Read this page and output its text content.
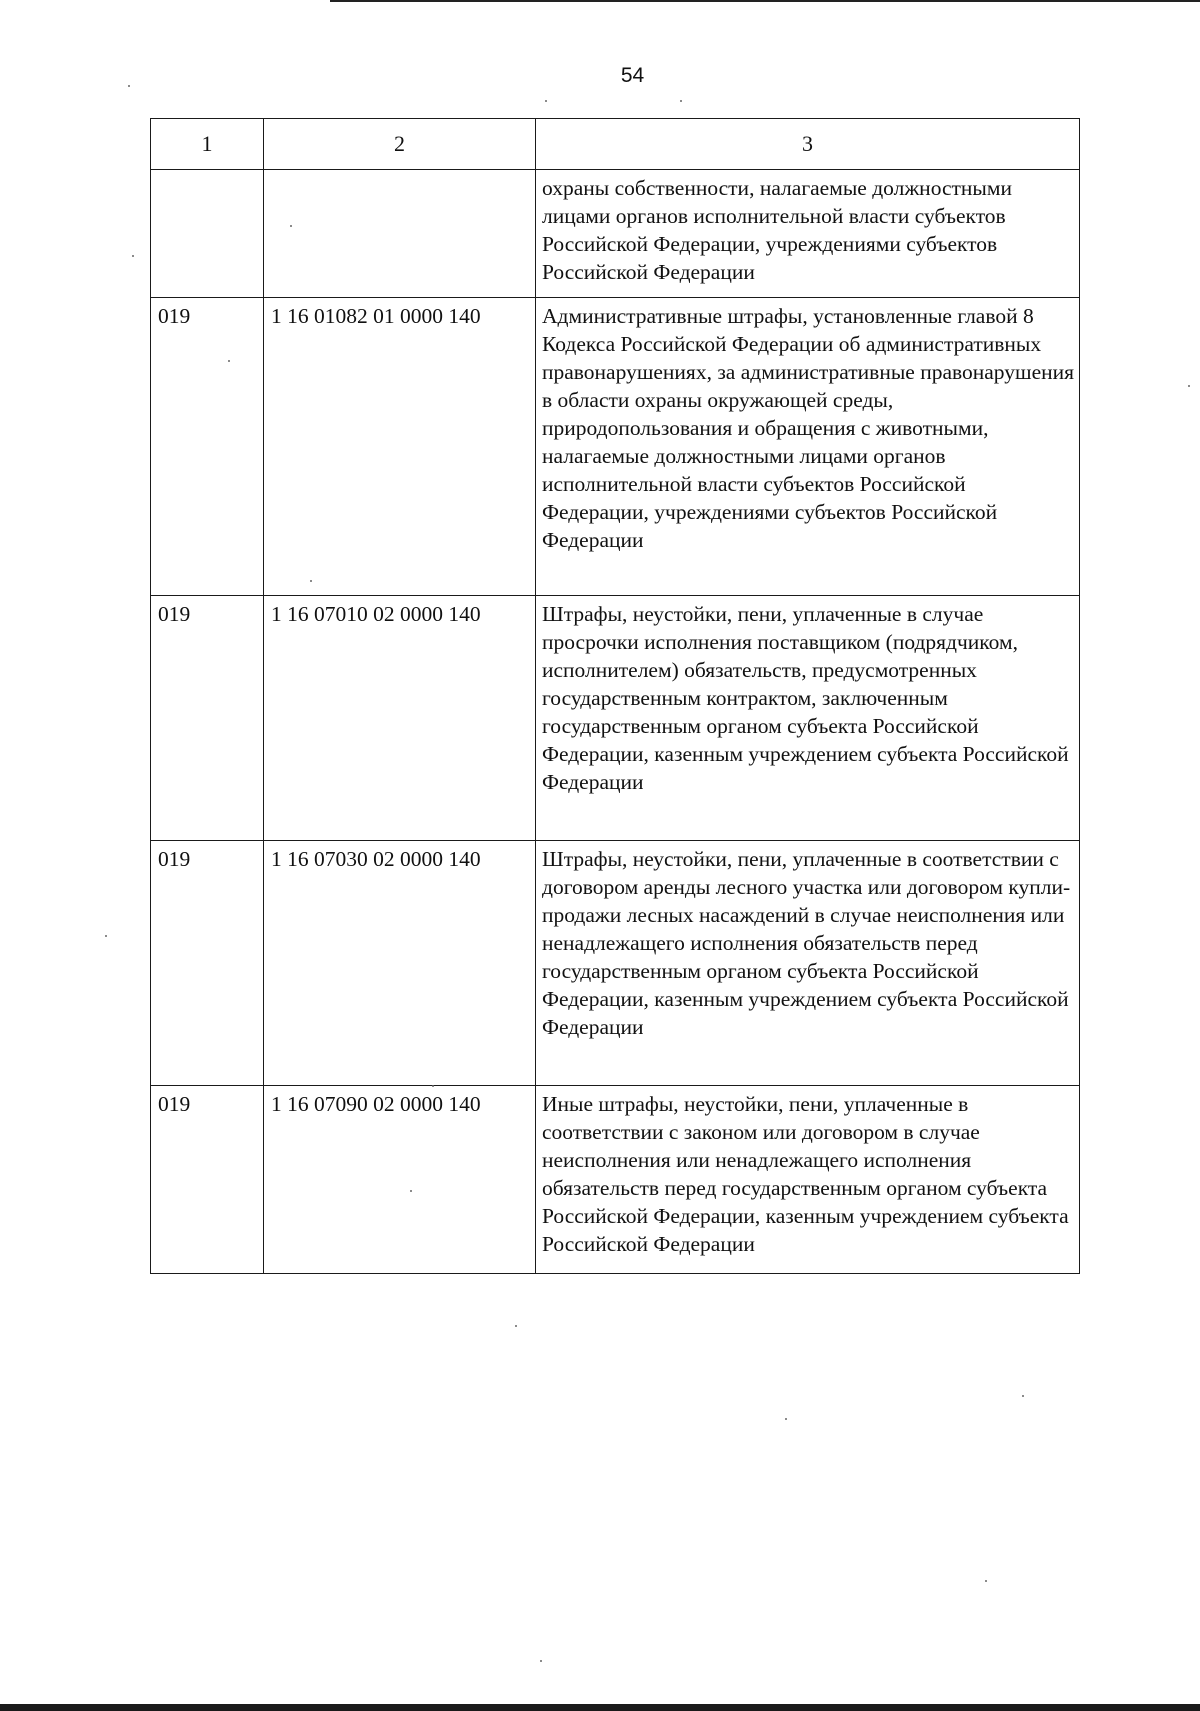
54
1	2	3
		охраны собственности, налагаемые должностными лицами органов исполнительной власти субъектов Российской Федерации, учреждениями субъектов Российской Федерации
019	1 16 01082 01 0000 140	Административные штрафы, установленные главой 8 Кодекса Российской Федерации об административных правонарушениях, за административные правонарушения в области охраны окружающей среды, природопользования и обращения с животными, налагаемые должностными лицами органов исполнительной власти субъектов Российской Федерации, учреждениями субъектов Российской Федерации
019	1 16 07010 02 0000 140	Штрафы, неустойки, пени, уплаченные в случае просрочки исполнения поставщиком (подрядчиком, исполнителем) обязательств, предусмотренных государственным контрактом, заключенным государственным органом субъекта Российской Федерации, казенным учреждением субъекта Российской Федерации
019	1 16 07030 02 0000 140	Штрафы, неустойки, пени, уплаченные в соответствии с договором аренды лесного участка или договором купли-продажи лесных насаждений в случае неисполнения или ненадлежащего исполнения обязательств перед государственным органом субъекта Российской Федерации, казенным учреждением субъекта Российской Федерации
019	1 16 07090 02 0000 140	Иные штрафы, неустойки, пени, уплаченные в соответствии с законом или договором в случае неисполнения или ненадлежащего исполнения обязательств перед государственным органом субъекта Российской Федерации, казенным учреждением субъекта Российской Федерации
